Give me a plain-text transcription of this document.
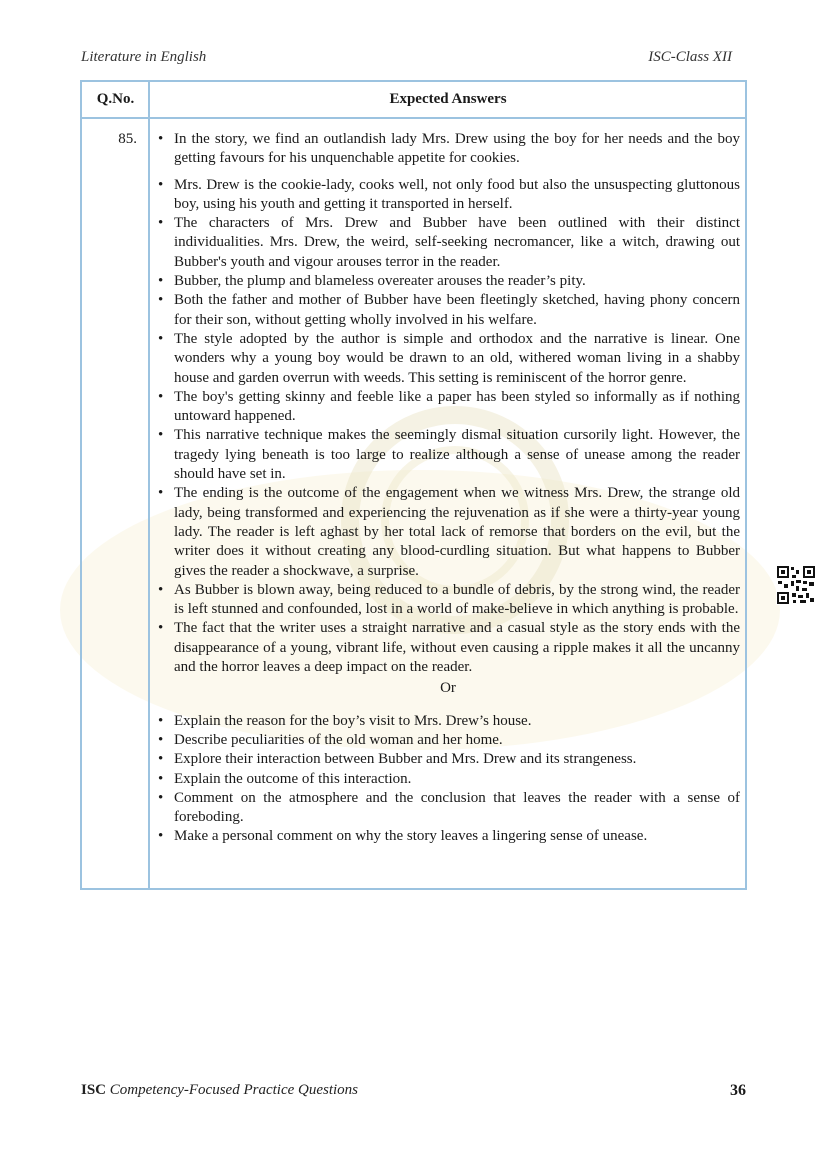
Literature in English	ISC-Class XII
Q.No.	Expected Answers
85.	• In the story, we find an outlandish lady Mrs. Drew using the boy for her needs and the boy getting favours for his unquenchable appetite for cookies.
• Mrs. Drew is the cookie-lady, cooks well, not only food but also the unsuspecting gluttonous boy, using his youth and getting it transported in herself.
• The characters of Mrs. Drew and Bubber have been outlined with their distinct individualities. Mrs. Drew, the weird, self-seeking necromancer, like a witch, drawing out Bubber's youth and vigour arouses terror in the reader.
• Bubber, the plump and blameless overeater arouses the reader’s pity.
• Both the father and mother of Bubber have been fleetingly sketched, having phony concern for their son, without getting wholly involved in his welfare.
• The style adopted by the author is simple and orthodox and the narrative is linear. One wonders why a young boy would be drawn to an old, withered woman living in a shabby house and garden overrun with weeds. This setting is reminiscent of the horror genre.
• The boy's getting skinny and feeble like a paper has been styled so informally as if nothing untoward happened.
• This narrative technique makes the seemingly dismal situation cursorily light. However, the tragedy lying beneath is too large to realize although a sense of unease among the reader should have set in.
• The ending is the outcome of the engagement when we witness Mrs. Drew, the strange old lady, being transformed and experiencing the rejuvenation as if she were a thirty-year young lady. The reader is left aghast by her total lack of remorse that borders on the evil, but the writer does it without creating any blood-curdling situation. But what happens to Bubber gives the reader a shockwave, a surprise.
• As Bubber is blown away, being reduced to a bundle of debris, by the strong wind, the reader is left stunned and confounded, lost in a world of make-believe in which anything is probable.
• The fact that the writer uses a straight narrative and a casual style as the story ends with the disappearance of a young, vibrant life, without even causing a ripple makes it all the uncanny and the horror leaves a deep impact on the reader.
Or
• Explain the reason for the boy’s visit to Mrs. Drew’s house.
• Describe peculiarities of the old woman and her home.
• Explore their interaction between Bubber and Mrs. Drew and its strangeness.
• Explain the outcome of this interaction.
• Comment on the atmosphere and the conclusion that leaves the reader with a sense of foreboding.
• Make a personal comment on why the story leaves a lingering sense of unease.
ISC Competency-Focused Practice Questions	36
